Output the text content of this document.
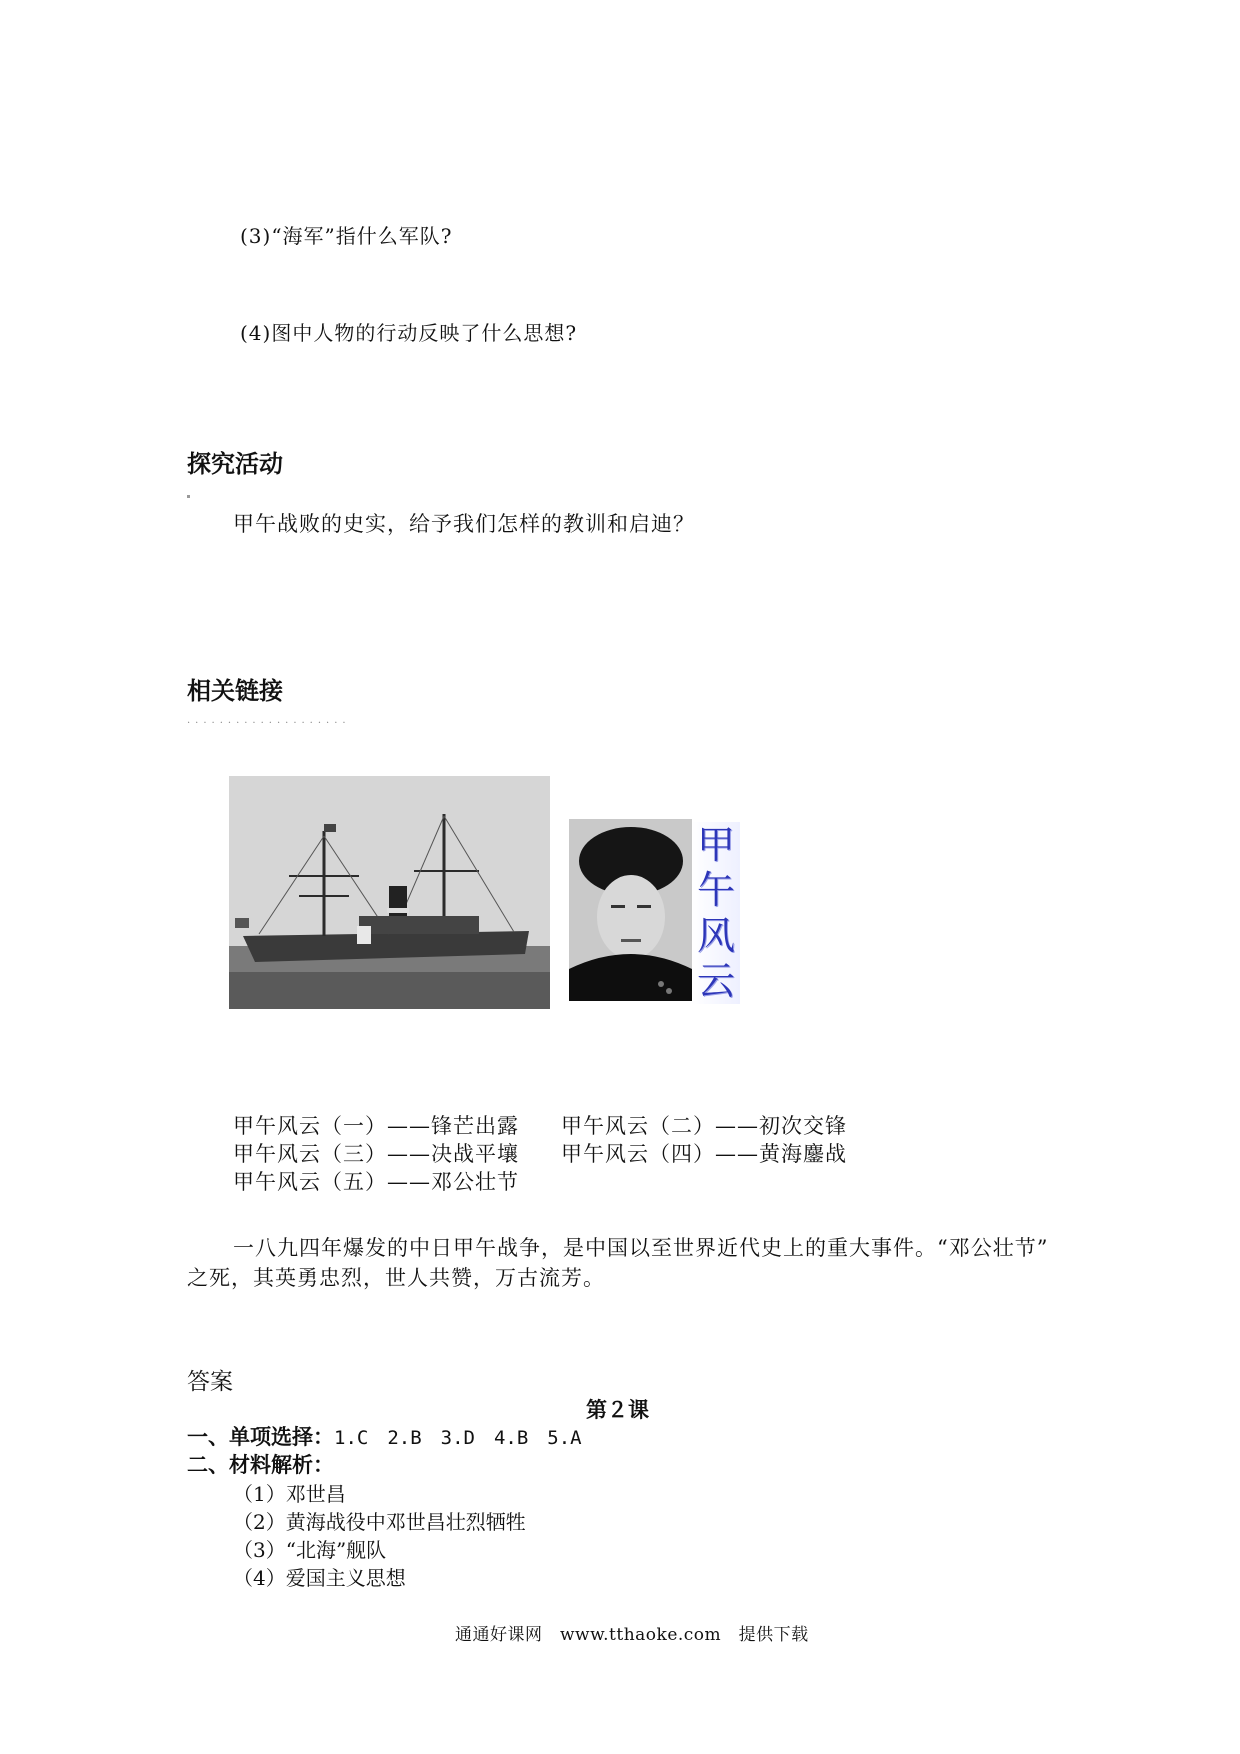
(3)“海军”指什么军队?
(4)图中人物的行动反映了什么思想?
探究活动
甲午战败的史实，给予我们怎样的教训和启迪？
相关链接
....................
甲
午
风
云
甲午风云（一）——锋芒出露 甲午风云（二）——初次交锋
甲午风云（三）——决战平壤 甲午风云（四）——黄海鏖战
甲午风云（五）——邓公壮节
一八九四年爆发的中日甲午战争，是中国以至世界近代史上的重大事件。“邓公壮节”
之死，其英勇忠烈，世人共赞，万古流芳。
答案
第２课
一、单项选择：1.C　2.B　3.D　4.B　5.A
二、材料解析：
（1）邓世昌
（2）黄海战役中邓世昌壮烈牺牲
（3）“北海”舰队
（4）爱国主义思想
通通好课网　www.tthaoke.com　提供下载
